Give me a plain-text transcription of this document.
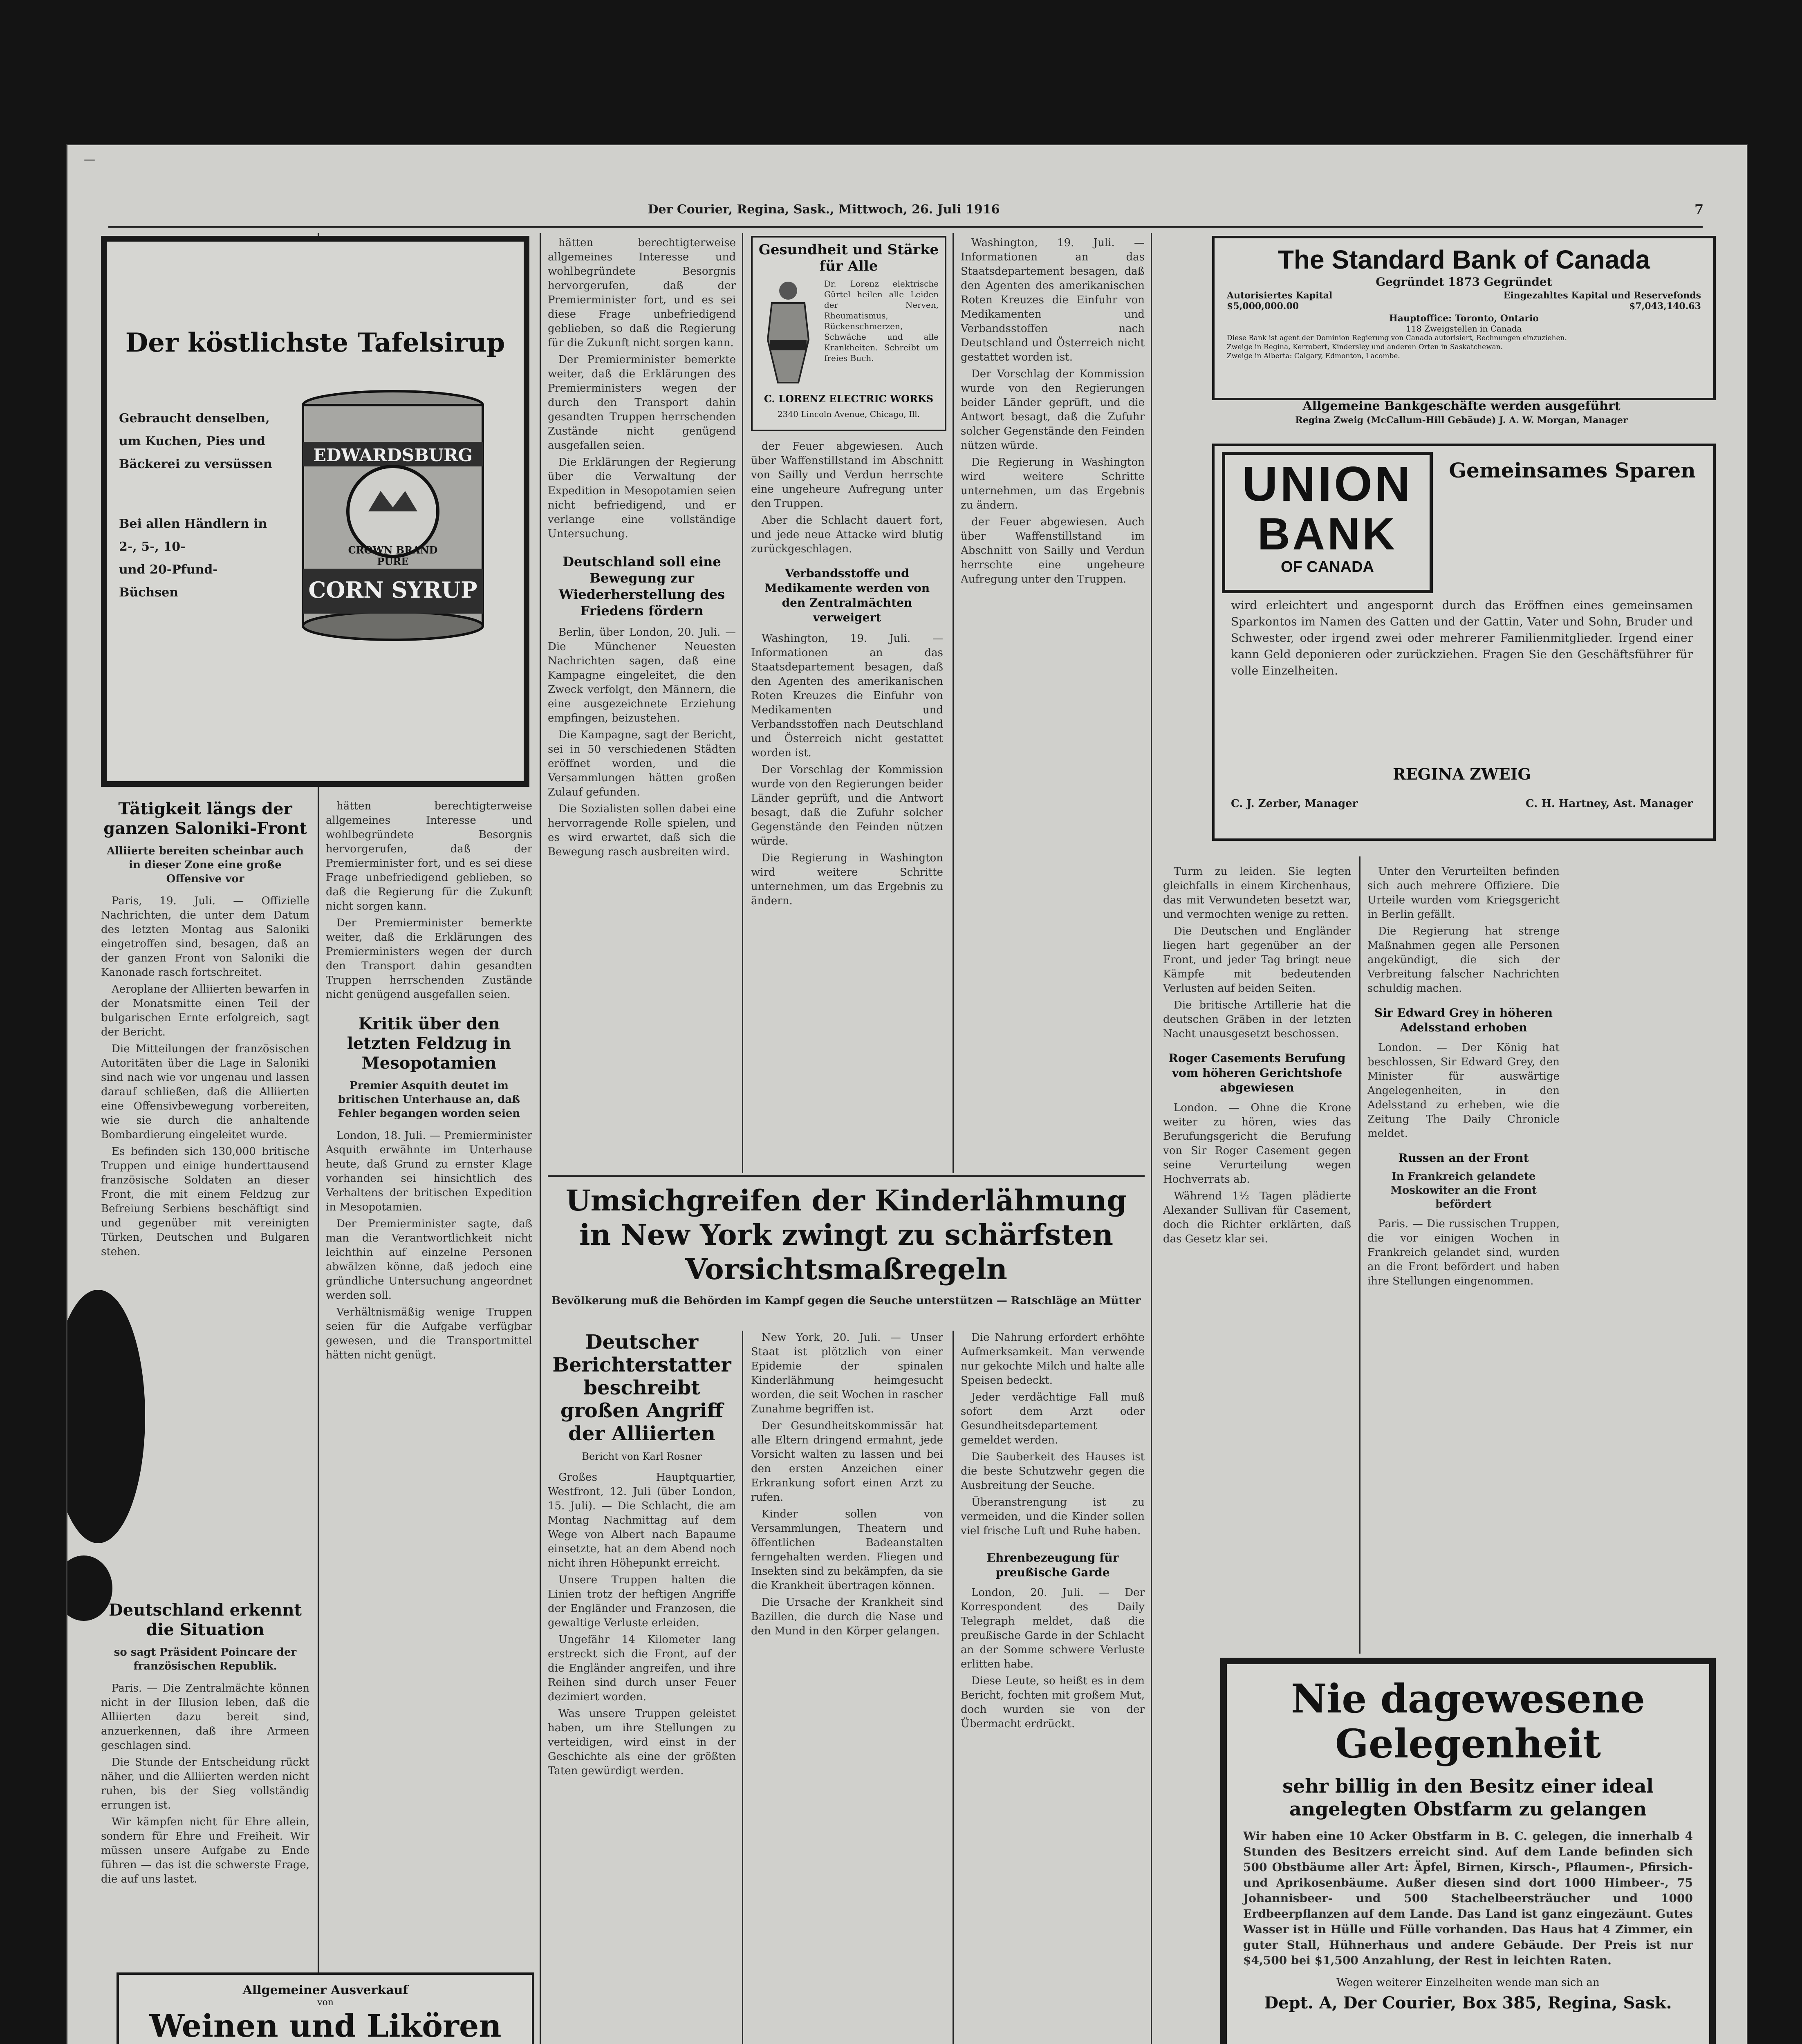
—
Der Courier, Regina, Sask., Mittwoch, 26. Juli 1916	7
Der köstlichste Tafelsirup
Gebraucht denselben,
um Kuchen, Pies und
Bäckerei zu versüssen
Bei allen Händlern in
2-, 5-, 10-
und 20-Pfund-Büchsen
EDWARDSBURG
CROWN BRAND
PURE
CORN SYRUP
Tätigkeit längs der ganzen Saloniki-Front
Alliierte bereiten scheinbar auch in dieser Zone eine große Offensive vor

Paris, 19. Juli. — Offizielle Nachrichten, die unter dem Datum des letzten Montag aus Saloniki eingetroffen sind, besagen, daß an der ganzen Front von Saloniki die Kanonade rasch fortschreitet.

Aeroplane der Alliierten bewarfen in der Monatsmitte einen Teil der bulgarischen Ernte erfolgreich, sagt der Bericht.

Die Mitteilungen der französischen Autoritäten über die Lage in Saloniki sind nach wie vor ungenau und lassen darauf schließen, daß die Alliierten eine Offensivbewegung vorbereiten, wie sie durch die anhaltende Bombardierung eingeleitet wurde.

Es befinden sich 130,000 britische Truppen und einige hunderttausend französische Soldaten an dieser Front, die mit einem Feldzug zur Befreiung Serbiens beschäftigt sind und gegenüber mit vereinigten Türken, Deutschen und Bulgaren stehen.

Deutschland erkennt die Situation
so sagt Präsident Poincare der französischen Republik.

Paris. — Die Zentralmächte können nicht in der Illusion leben, daß die Alliierten dazu bereit sind, anzuerkennen, daß ihre Armeen geschlagen sind.

Die Stunde der Entscheidung rückt näher, und die Alliierten werden nicht ruhen, bis der Sieg vollständig errungen ist.

Wir kämpfen nicht für Ehre allein, sondern für Ehre und Freiheit. Wir müssen unsere Aufgabe zu Ende führen — das ist die schwerste Frage, die auf uns lastet.

hätten berechtigterweise allgemeines Interesse und wohlbegründete Besorgnis hervorgerufen, daß der Premierminister fort, und es sei diese Frage unbefriedigend geblieben, so daß die Regierung für die Zukunft nicht sorgen kann.

Der Premierminister bemerkte weiter, daß die Erklärungen des Premierministers wegen der durch den Transport dahin gesandten Truppen herrschenden Zustände nicht genügend ausgefallen seien.

Kritik über den letzten Feldzug in Mesopotamien
Premier Asquith deutet im britischen Unterhause an, daß Fehler begangen worden seien

London, 18. Juli. — Premierminister Asquith erwähnte im Unterhause heute, daß Grund zu ernster Klage vorhanden sei hinsichtlich des Verhaltens der britischen Expedition in Mesopotamien.

Der Premierminister sagte, daß man die Verantwortlichkeit nicht leichthin auf einzelne Personen abwälzen könne, daß jedoch eine gründliche Untersuchung angeordnet werden soll.

Verhältnismäßig wenige Truppen seien für die Aufgabe verfügbar gewesen, und die Transportmittel hätten nicht genügt.

hätten berechtigterweise allgemeines Interesse und wohlbegründete Besorgnis hervorgerufen, daß der Premierminister fort, und es sei diese Frage unbefriedigend geblieben, so daß die Regierung für die Zukunft nicht sorgen kann.

Der Premierminister bemerkte weiter, daß die Erklärungen des Premierministers wegen der durch den Transport dahin gesandten Truppen herrschenden Zustände nicht genügend ausgefallen seien.

Die Erklärungen der Regierung über die Verwaltung der Expedition in Mesopotamien seien nicht befriedigend, und er verlange eine vollständige Untersuchung.

Deutschland soll eine Bewegung zur Wiederherstellung des Friedens fördern

Berlin, über London, 20. Juli. — Die Münchener Neuesten Nachrichten sagen, daß eine Kampagne eingeleitet, die den Zweck verfolgt, den Männern, die eine ausgezeichnete Erziehung empfingen, beizustehen.

Die Kampagne, sagt der Bericht, sei in 50 verschiedenen Städten eröffnet worden, und die Versammlungen hätten großen Zulauf gefunden.

Die Sozialisten sollen dabei eine hervorragende Rolle spielen, und es wird erwartet, daß sich die Bewegung rasch ausbreiten wird.

Gesundheit und Stärke für Alle
Dr. Lorenz elektrische Gürtel heilen alle Leiden der Nerven, Rheumatismus, Rückenschmerzen, Schwäche und alle Krankheiten. Schreibt um freies Buch.
C. LORENZ ELECTRIC WORKS
2340 Lincoln Avenue, Chicago, Ill.

der Feuer abgewiesen. Auch über Waffenstillstand im Abschnitt von Sailly und Verdun herrschte eine ungeheure Aufregung unter den Truppen.

Aber die Schlacht dauert fort, und jede neue Attacke wird blutig zurückgeschlagen.

Verbandsstoffe und Medikamente werden von den Zentralmächten verweigert

Washington, 19. Juli. — Informationen an das Staatsdepartement besagen, daß den Agenten des amerikanischen Roten Kreuzes die Einfuhr von Medikamenten und Verbandsstoffen nach Deutschland und Österreich nicht gestattet worden ist.

Der Vorschlag der Kommission wurde von den Regierungen beider Länder geprüft, und die Antwort besagt, daß die Zufuhr solcher Gegenstände den Feinden nützen würde.

Die Regierung in Washington wird weitere Schritte unternehmen, um das Ergebnis zu ändern.

Washington, 19. Juli. — Informationen an das Staatsdepartement besagen, daß den Agenten des amerikanischen Roten Kreuzes die Einfuhr von Medikamenten und Verbandsstoffen nach Deutschland und Österreich nicht gestattet worden ist.

Der Vorschlag der Kommission wurde von den Regierungen beider Länder geprüft, und die Antwort besagt, daß die Zufuhr solcher Gegenstände den Feinden nützen würde.

Die Regierung in Washington wird weitere Schritte unternehmen, um das Ergebnis zu ändern.

der Feuer abgewiesen. Auch über Waffenstillstand im Abschnitt von Sailly und Verdun herrschte eine ungeheure Aufregung unter den Truppen.

Umsichgreifen der Kinderlähmung in New York zwingt zu schärfsten Vorsichtsmaßregeln
Bevölkerung muß die Behörden im Kampf gegen die Seuche unterstützen — Ratschläge an Mütter
Deutscher Berichterstatter beschreibt großen Angriff der Alliierten
Bericht von Karl Rosner

Großes Hauptquartier, Westfront, 12. Juli (über London, 15. Juli). — Die Schlacht, die am Montag Nachmittag auf dem Wege von Albert nach Bapaume einsetzte, hat an dem Abend noch nicht ihren Höhepunkt erreicht.

Unsere Truppen halten die Linien trotz der heftigen Angriffe der Engländer und Franzosen, die gewaltige Verluste erleiden.

Ungefähr 14 Kilometer lang erstreckt sich die Front, auf der die Engländer angreifen, und ihre Reihen sind durch unser Feuer dezimiert worden.

Was unsere Truppen geleistet haben, um ihre Stellungen zu verteidigen, wird einst in der Geschichte als eine der größten Taten gewürdigt werden.

New York, 20. Juli. — Unser Staat ist plötzlich von einer Epidemie der spinalen Kinderlähmung heimgesucht worden, die seit Wochen in rascher Zunahme begriffen ist.

Der Gesundheitskommissär hat alle Eltern dringend ermahnt, jede Vorsicht walten zu lassen und bei den ersten Anzeichen einer Erkrankung sofort einen Arzt zu rufen.

Kinder sollen von Versammlungen, Theatern und öffentlichen Badeanstalten ferngehalten werden. Fliegen und Insekten sind zu bekämpfen, da sie die Krankheit übertragen können.

Die Ursache der Krankheit sind Bazillen, die durch die Nase und den Mund in den Körper gelangen.

Die Nahrung erfordert erhöhte Aufmerksamkeit. Man verwende nur gekochte Milch und halte alle Speisen bedeckt.

Jeder verdächtige Fall muß sofort dem Arzt oder Gesundheitsdepartement gemeldet werden.

Die Sauberkeit des Hauses ist die beste Schutzwehr gegen die Ausbreitung der Seuche.

Überanstrengung ist zu vermeiden, und die Kinder sollen viel frische Luft und Ruhe haben.

Ehrenbezeugung für preußische Garde

London, 20. Juli. — Der Korrespondent des Daily Telegraph meldet, daß die preußische Garde in der Schlacht an der Somme schwere Verluste erlitten habe.

Diese Leute, so heißt es in dem Bericht, fochten mit großem Mut, doch wurden sie von der Übermacht erdrückt.

Allgemeiner Ausverkauf
von
Weinen und Likören

The Standard Bank of Canada
Gegründet 1873 Gegründet
Autorisiertes Kapital
$5,000,000.00
Eingezahltes Kapital und Reservefonds
$7,043,140.63
Hauptoffice: Toronto, Ontario
118 Zweigstellen in Canada
Diese Bank ist agent der Dominion Regierung von Canada autorisiert, Rechnungen einzuziehen.
Zweige in Regina, Kerrobert, Kindersley und anderen Orten in Saskatchewan.
Zweige in Alberta: Calgary, Edmonton, Lacombe.
Allgemeine Bankgeschäfte werden ausgeführt
Regina Zweig (McCallum-Hill Gebäude) J. A. W. Morgan, Manager
UNION
BANK
OF CANADA
Gemeinsames Sparen
wird erleichtert und angespornt durch das Eröffnen eines gemeinsamen Sparkontos im Namen des Gatten und der Gattin, Vater und Sohn, Bruder und Schwester, oder irgend zwei oder mehrerer Familienmitglieder. Irgend einer kann Geld deponieren oder zurückziehen. Fragen Sie den Geschäftsführer für volle Einzelheiten.
REGINA ZWEIG
C. J. Zerber, Manager	C. H. Hartney, Ast. Manager

Turm zu leiden. Sie legten gleichfalls in einem Kirchenhaus, das mit Verwundeten besetzt war, und vermochten wenige zu retten.

Die Deutschen und Engländer liegen hart gegenüber an der Front, und jeder Tag bringt neue Kämpfe mit bedeutenden Verlusten auf beiden Seiten.

Die britische Artillerie hat die deutschen Gräben in der letzten Nacht unausgesetzt beschossen.

Roger Casements Berufung vom höheren Gerichtshofe abgewiesen

London. — Ohne die Krone weiter zu hören, wies das Berufungsgericht die Berufung von Sir Roger Casement gegen seine Verurteilung wegen Hochverrats ab.

Während 1½ Tagen plädierte Alexander Sullivan für Casement, doch die Richter erklärten, daß das Gesetz klar sei.

Unter den Verurteilten befinden sich auch mehrere Offiziere. Die Urteile wurden vom Kriegsgericht in Berlin gefällt.

Die Regierung hat strenge Maßnahmen gegen alle Personen angekündigt, die sich der Verbreitung falscher Nachrichten schuldig machen.

Sir Edward Grey in höheren Adelsstand erhoben

London. — Der König hat beschlossen, Sir Edward Grey, den Minister für auswärtige Angelegenheiten, in den Adelsstand zu erheben, wie die Zeitung The Daily Chronicle meldet.

Russen an der Front
In Frankreich gelandete Moskowiter an die Front befördert

Paris. — Die russischen Truppen, die vor einigen Wochen in Frankreich gelandet sind, wurden an die Front befördert und haben ihre Stellungen eingenommen.

Nie dagewesene
Gelegenheit
sehr billig in den Besitz einer ideal angelegten Obstfarm zu gelangen
Wir haben eine 10 Acker Obstfarm in B. C. gelegen, die innerhalb 4 Stunden des Besitzers erreicht sind. Auf dem Lande befinden sich 500 Obstbäume aller Art: Äpfel, Birnen, Kirsch-, Pflaumen-, Pfirsich- und Aprikosenbäume. Außer diesen sind dort 1000 Himbeer-, 75 Johannisbeer- und 500 Stachelbeersträucher und 1000 Erdbeerpflanzen auf dem Lande. Das Land ist ganz eingezäunt. Gutes Wasser ist in Hülle und Fülle vorhanden. Das Haus hat 4 Zimmer, ein guter Stall, Hühnerhaus und andere Gebäude. Der Preis ist nur $4,500 bei $1,500 Anzahlung, der Rest in leichten Raten.
Wegen weiterer Einzelheiten wende man sich an
Dept. A, Der Courier, Box 385, Regina, Sask.
